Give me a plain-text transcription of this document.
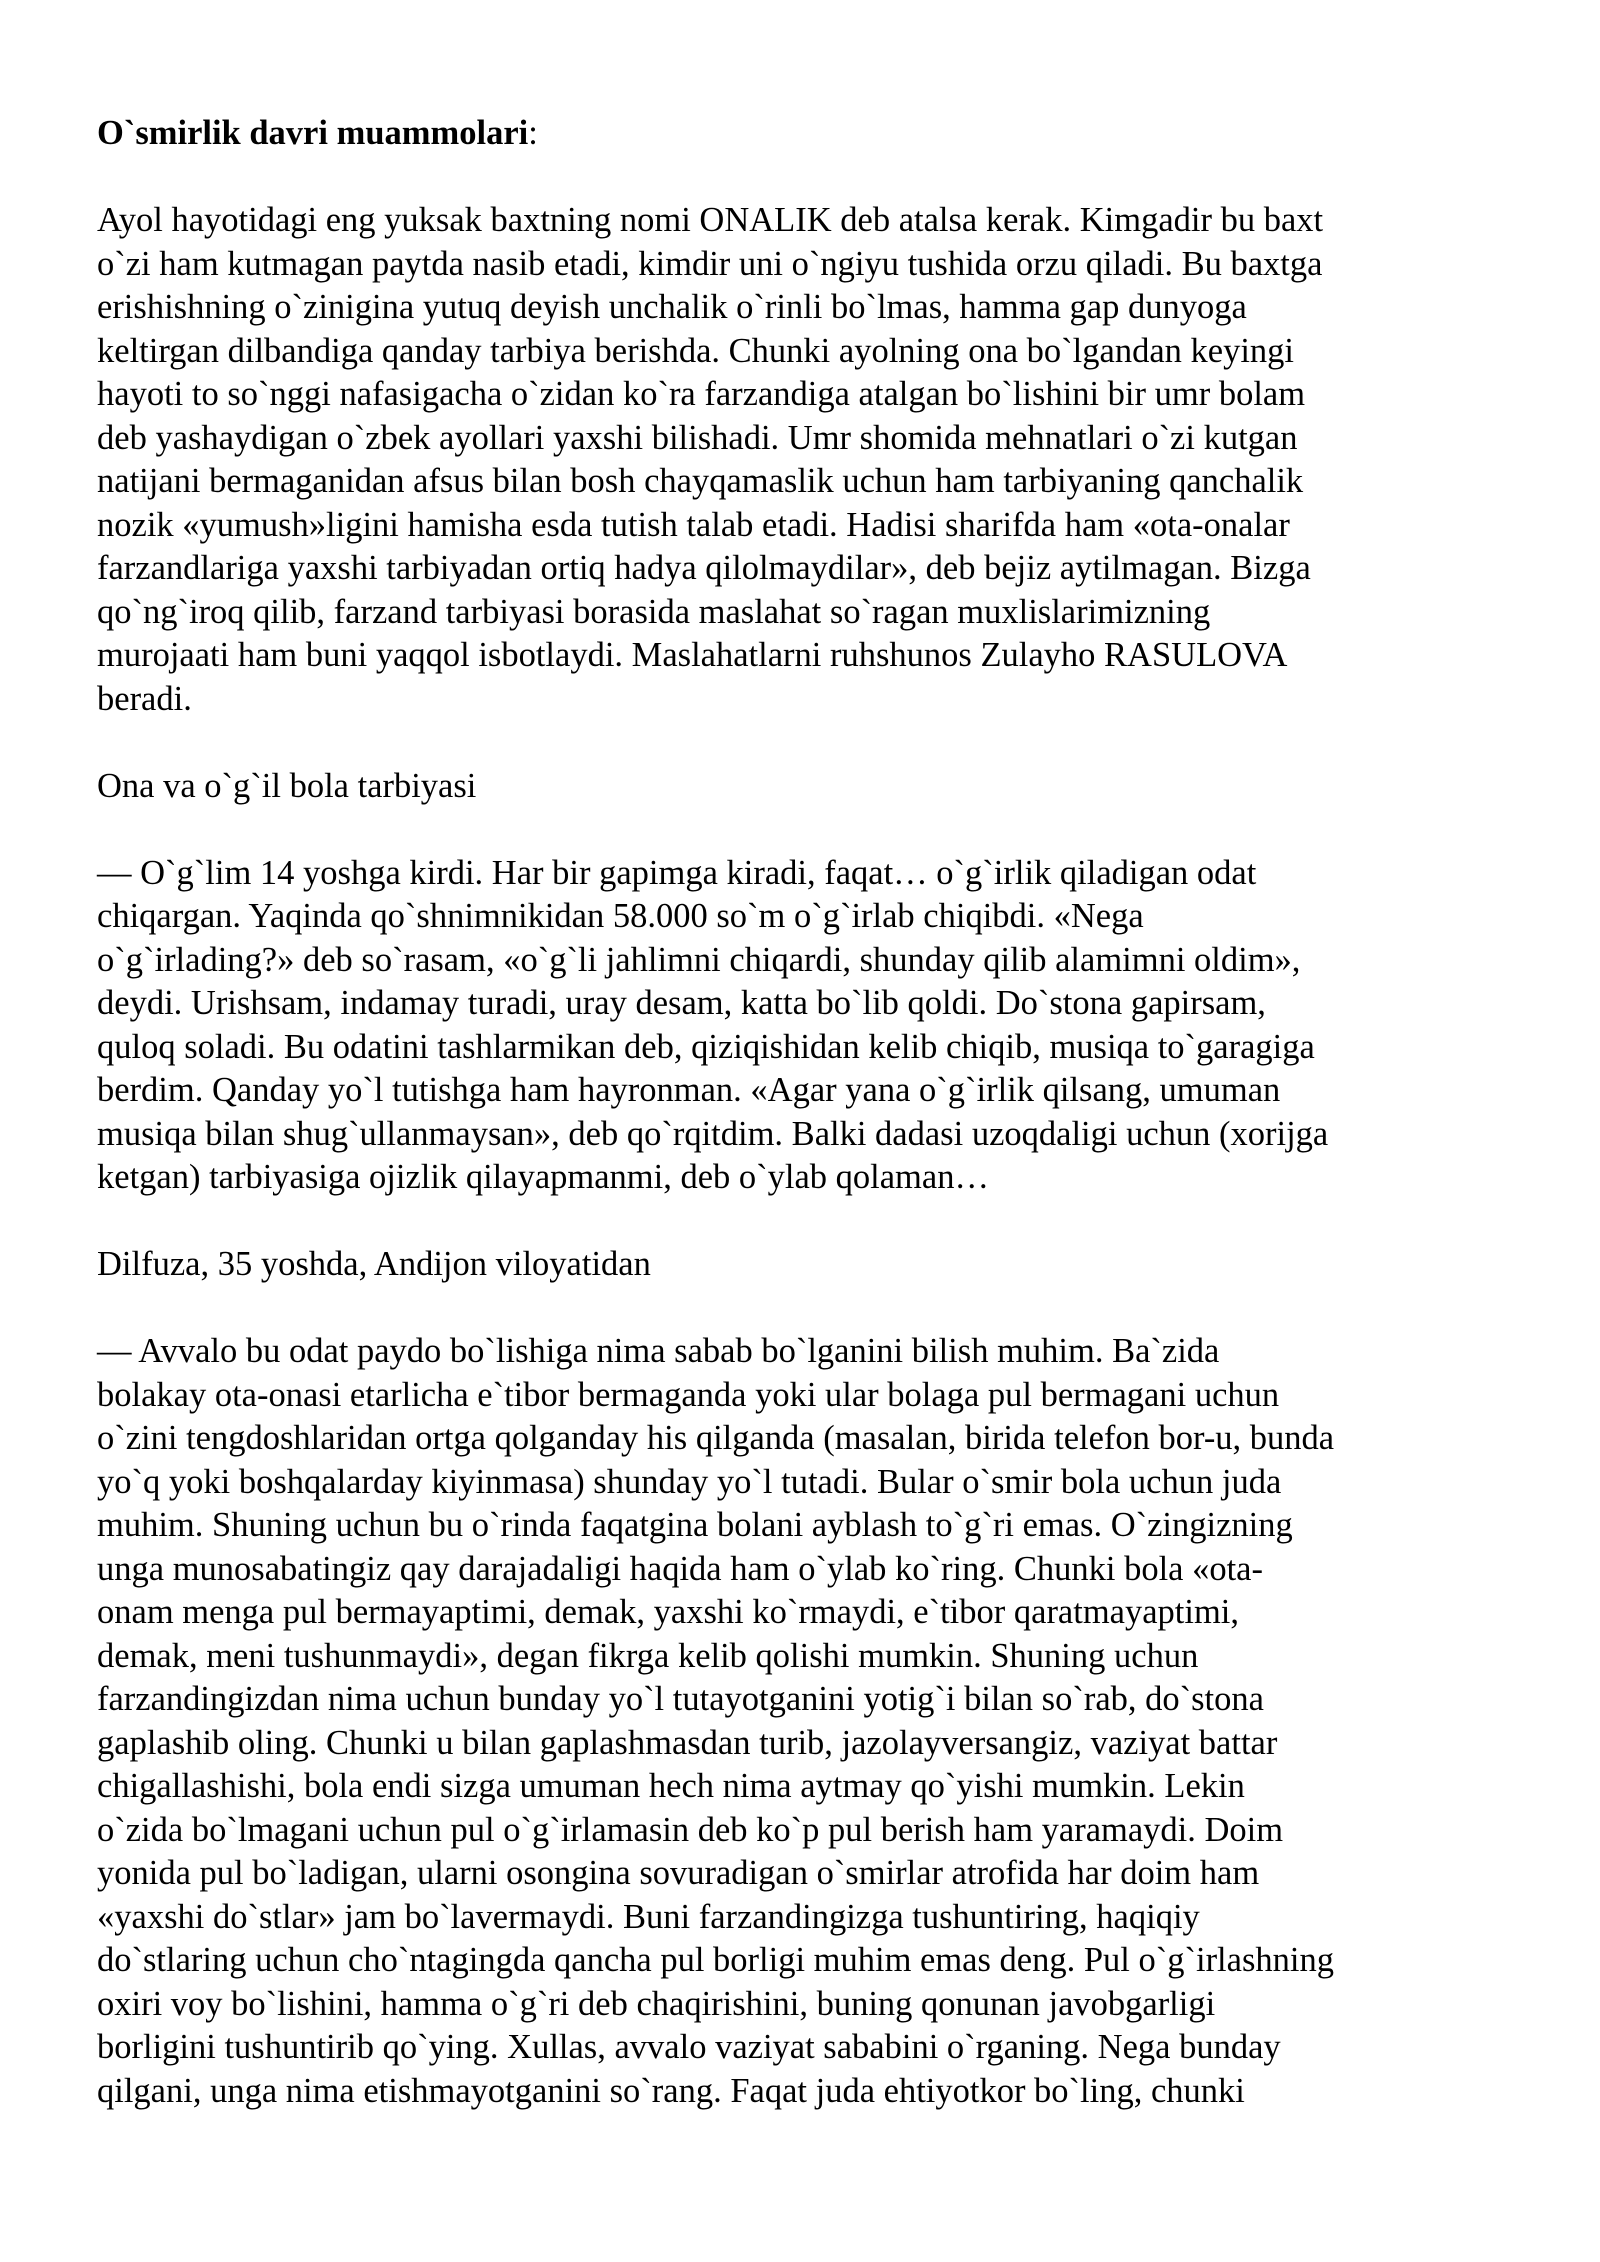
O`smirlik davri muammolari:

Ayol hayotidagi eng yuksak baxtning nomi ONALIK deb atalsa kerak. Kimgadir bu baxt
o`zi ham kutmagan paytda nasib etadi, kimdir uni o`ngiyu tushida orzu qiladi. Bu baxtga
erishishning o`zinigina yutuq deyish unchalik o`rinli bo`lmas, hamma gap dunyoga
keltirgan dilbandiga qanday tarbiya berishda. Chunki ayolning ona bo`lgandan keyingi
hayoti to so`nggi nafasigacha o`zidan ko`ra farzandiga atalgan bo`lishini bir umr bolam
deb yashaydigan o`zbek ayollari yaxshi bilishadi. Umr shomida mehnatlari o`zi kutgan
natijani bermaganidan afsus bilan bosh chayqamaslik uchun ham tarbiyaning qanchalik
nozik «yumush»ligini hamisha esda tutish talab etadi. Hadisi sharifda ham «ota-onalar
farzandlariga yaxshi tarbiyadan ortiq hadya qilolmaydilar», deb bejiz aytilmagan. Bizga
qo`ng`iroq qilib, farzand tarbiyasi borasida maslahat so`ragan muxlislarimizning
murojaati ham buni yaqqol isbotlaydi. Maslahatlarni ruhshunos Zulayho RASULOVA
beradi.

Ona va o`g`il bola tarbiyasi

— O`g`lim 14 yoshga kirdi. Har bir gapimga kiradi, faqat… o`g`irlik qiladigan odat
chiqargan. Yaqinda qo`shnimnikidan 58.000 so`m o`g`irlab chiqibdi. «Nega
o`g`irlading?» deb so`rasam, «o`g`li jahlimni chiqardi, shunday qilib alamimni oldim»,
deydi. Urishsam, indamay turadi, uray desam, katta bo`lib qoldi. Do`stona gapirsam,
quloq soladi. Bu odatini tashlarmikan deb, qiziqishidan kelib chiqib, musiqa to`garagiga
berdim. Qanday yo`l tutishga ham hayronman. «Agar yana o`g`irlik qilsang, umuman
musiqa bilan shug`ullanmaysan», deb qo`rqitdim. Balki dadasi uzoqdaligi uchun (xorijga
ketgan) tarbiyasiga ojizlik qilayapmanmi, deb o`ylab qolaman…

Dilfuza, 35 yoshda, Andijon viloyatidan

— Avvalo bu odat paydo bo`lishiga nima sabab bo`lganini bilish muhim. Ba`zida
bolakay ota-onasi etarlicha e`tibor bermaganda yoki ular bolaga pul bermagani uchun
o`zini tengdoshlaridan ortga qolganday his qilganda (masalan, birida telefon bor-u, bunda
yo`q yoki boshqalarday kiyinmasa) shunday yo`l tutadi. Bular o`smir bola uchun juda
muhim. Shuning uchun bu o`rinda faqatgina bolani ayblash to`g`ri emas. O`zingizning
unga munosabatingiz qay darajadaligi haqida ham o`ylab ko`ring. Chunki bola «ota-
onam menga pul bermayaptimi, demak, yaxshi ko`rmaydi, e`tibor qaratmayaptimi,
demak, meni tushunmaydi», degan fikrga kelib qolishi mumkin. Shuning uchun
farzandingizdan nima uchun bunday yo`l tutayotganini yotig`i bilan so`rab, do`stona
gaplashib oling. Chunki u bilan gaplashmasdan turib, jazolayversangiz, vaziyat battar
chigallashishi, bola endi sizga umuman hech nima aytmay qo`yishi mumkin. Lekin
o`zida bo`lmagani uchun pul o`g`irlamasin deb ko`p pul berish ham yaramaydi. Doim
yonida pul bo`ladigan, ularni osongina sovuradigan o`smirlar atrofida har doim ham
«yaxshi do`stlar» jam bo`lavermaydi. Buni farzandingizga tushuntiring, haqiqiy
do`stlaring uchun cho`ntagingda qancha pul borligi muhim emas deng. Pul o`g`irlashning
oxiri voy bo`lishini, hamma o`g`ri deb chaqirishini, buning qonunan javobgarligi
borligini tushuntirib qo`ying. Xullas, avvalo vaziyat sababini o`rganing. Nega bunday
qilgani, unga nima etishmayotganini so`rang. Faqat juda ehtiyotkor bo`ling, chunki
